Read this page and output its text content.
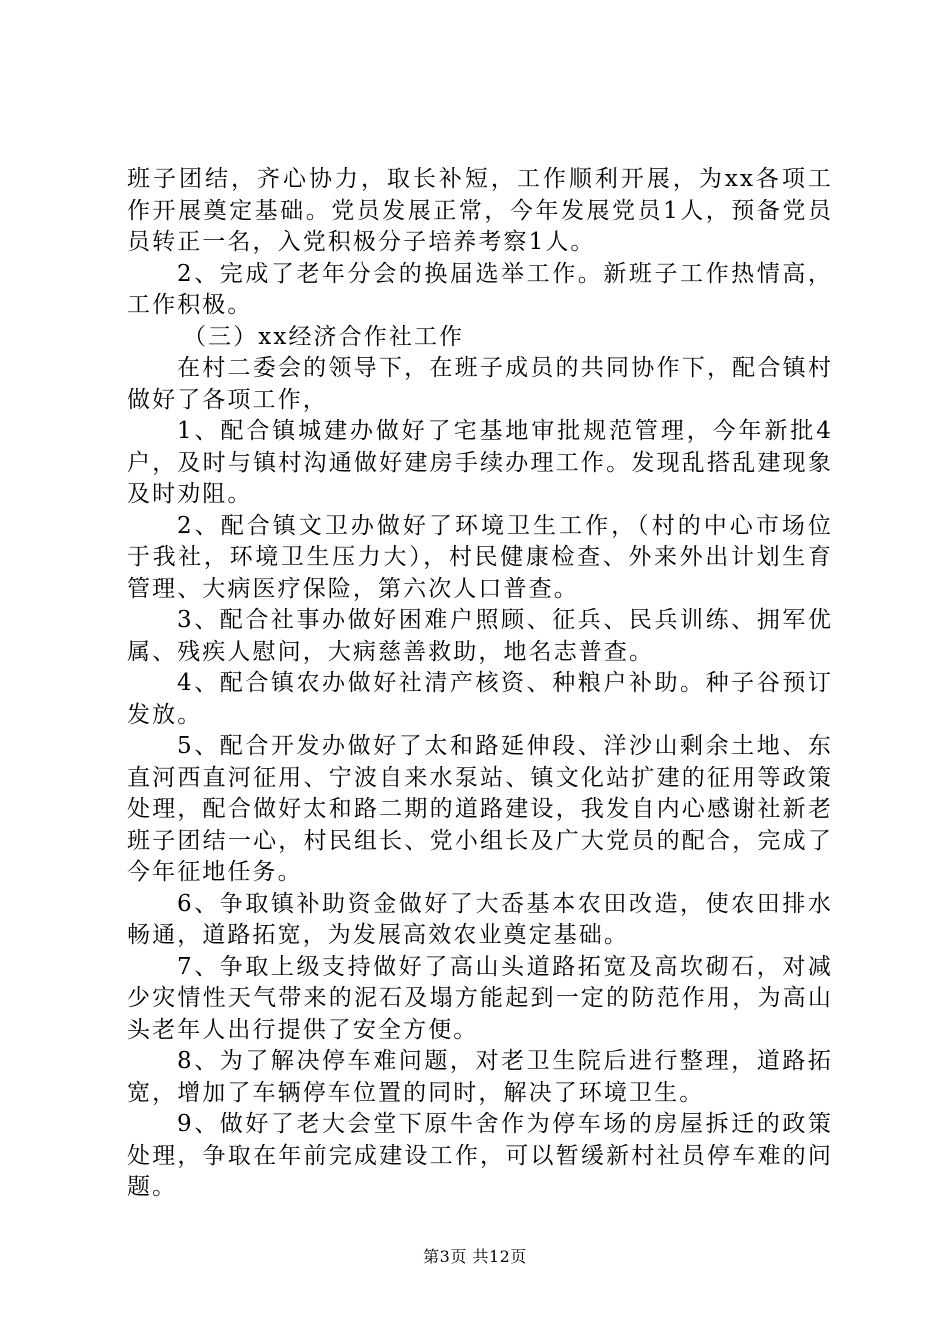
班子团结，齐心协力，取长补短，工作顺利开展，为xx各项工作开展奠定基础。党员发展正常，今年发展党员1人，预备党员员转正一名，入党积极分子培养考察1人。

2、完成了老年分会的换届选举工作。新班子工作热情高，工作积极。

（三）xx经济合作社工作

在村二委会的领导下，在班子成员的共同协作下，配合镇村做好了各项工作，

1、配合镇城建办做好了宅基地审批规范管理，今年新批4户，及时与镇村沟通做好建房手续办理工作。发现乱搭乱建现象及时劝阻。

2、配合镇文卫办做好了环境卫生工作，（村的中心市场位于我社，环境卫生压力大），村民健康检查、外来外出计划生育管理、大病医疗保险，第六次人口普查。

3、配合社事办做好困难户照顾、征兵、民兵训练、拥军优属、残疾人慰问，大病慈善救助，地名志普查。

4、配合镇农办做好社清产核资、种粮户补助。种子谷预订发放。

5、配合开发办做好了太和路延伸段、洋沙山剩余土地、东直河西直河征用、宁波自来水泵站、镇文化站扩建的征用等政策处理，配合做好太和路二期的道路建设，我发自内心感谢社新老班子团结一心，村民组长、党小组长及广大党员的配合，完成了今年征地任务。

6、争取镇补助资金做好了大岙基本农田改造，使农田排水畅通，道路拓宽，为发展高效农业奠定基础。

7、争取上级支持做好了高山头道路拓宽及高坎砌石，对减少灾情性天气带来的泥石及塌方能起到一定的防范作用，为高山头老年人出行提供了安全方便。

8、为了解决停车难问题，对老卫生院后进行整理，道路拓宽，增加了车辆停车位置的同时，解决了环境卫生。

9、做好了老大会堂下原牛舍作为停车场的房屋拆迁的政策处理，争取在年前完成建设工作，可以暂缓新村社员停车难的问题。

第3页 共12页
